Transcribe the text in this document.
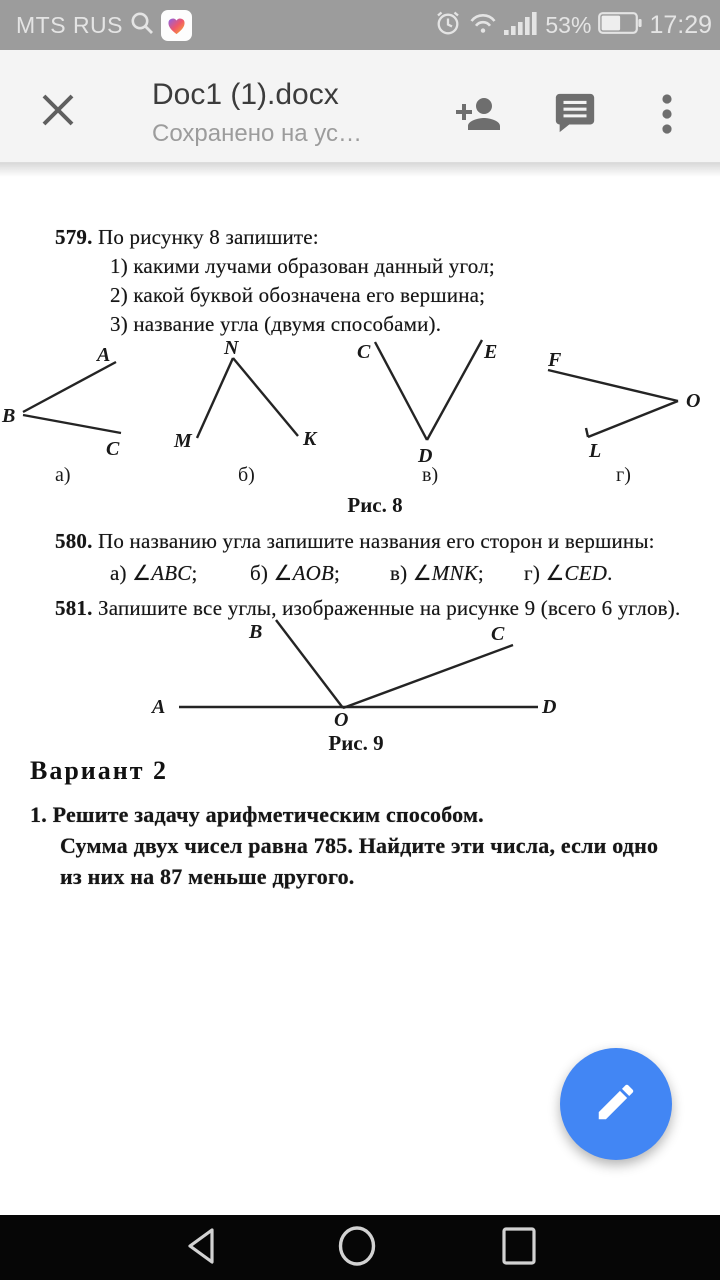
MTS RUS	53% 17:29
Doc1 (1).docx
Сохранено на ус…
579. По рисунку 8 запишите:
1) какими лучами образован данный угол;
2) какой буквой обозначена его вершина;
3) название угла (двумя способами).
A
B
C
а)
N
M	K
б)
C
D
E
в)
F
O
L
г)
Рис. 8
580. По названию угла запишите названия его сторон и вершины:
а) ∠ABC; б) ∠AOB; в) ∠MNK; г) ∠CED.
581. Запишите все углы, изображенные на рисунке 9 (всего 6 углов).
A
B	C
D
O
Рис. 9
Вариант 2
1. Решите задачу арифметическим способом.
Сумма двух чисел равна 785. Найдите эти числа, если одно
из них на 87 меньше другого.
